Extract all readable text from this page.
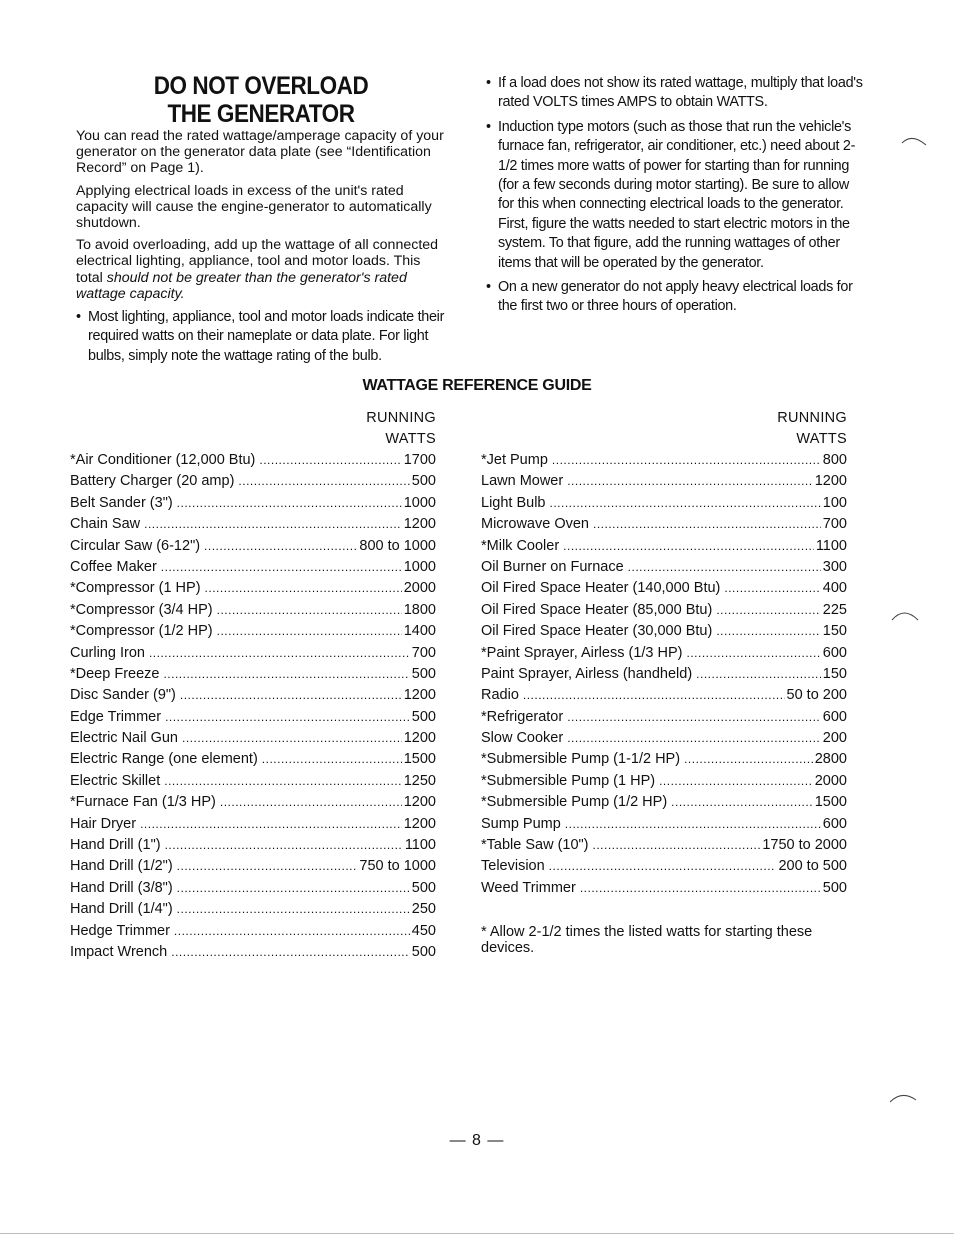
DO NOT OVERLOAD
THE GENERATOR

You can read the rated wattage/amperage capacity of your generator on the generator data plate (see “Identification Record” on Page 1).

Applying electrical loads in excess of the unit's rated capacity will cause the engine-generator to automatically shutdown.

To avoid overloading, add up the wattage of all connected electrical lighting, appliance, tool and motor loads. This total should not be greater than the generator's rated wattage capacity.

• Most lighting, appliance, tool and motor loads indicate their required watts on their nameplate or data plate. For light bulbs, simply note the wattage rating of the bulb.
• If a load does not show its rated wattage, multiply that load's rated VOLTS times AMPS to obtain WATTS.
• Induction type motors (such as those that run the vehicle's furnace fan, refrigerator, air conditioner, etc.) need about 2-1/2 times more watts of power for starting than for running (for a few seconds during motor starting). Be sure to allow for this when connecting electrical loads to the generator. First, figure the watts needed to start electric motors in the system. To that figure, add the running wattages of other items that will be operated by the generator.
• On a new generator do not apply heavy electrical loads for the first two or three hours of operation.
WATTAGE REFERENCE GUIDE
RUNNING
WATTS
*Air Conditioner (12,000 Btu) .....	1700
Battery Charger (20 amp) .....	500
Belt Sander (3") .....	1000
Chain Saw .....	1200
Circular Saw (6-12") .....	800 to 1000
Coffee Maker .....	1000
*Compressor (1 HP) .....	2000
*Compressor (3/4 HP) .....	1800
*Compressor (1/2 HP) .....	1400
Curling Iron .....	700
*Deep Freeze .....	500
Disc Sander (9") .....	1200
Edge Trimmer .....	500
Electric Nail Gun .....	1200
Electric Range (one element) .....	1500
Electric Skillet .....	1250
*Furnace Fan (1/3 HP) .....	1200
Hair Dryer .....	1200
Hand Drill (1") .....	1100
Hand Drill (1/2") .....	750 to 1000
Hand Drill (3/8") .....	500
Hand Drill (1/4") .....	250
Hedge Trimmer .....	450
Impact Wrench .....	500
RUNNING
WATTS
*Jet Pump .....	800
Lawn Mower .....	1200
Light Bulb .....	100
Microwave Oven .....	700
*Milk Cooler .....	1100
Oil Burner on Furnace .....	300
Oil Fired Space Heater (140,000 Btu) .....	400
Oil Fired Space Heater (85,000 Btu) .....	225
Oil Fired Space Heater (30,000 Btu) .....	150
*Paint Sprayer, Airless (1/3 HP) .....	600
Paint Sprayer, Airless (handheld) .....	150
Radio .....	50 to 200
*Refrigerator .....	600
Slow Cooker .....	200
*Submersible Pump (1-1/2 HP) .....	2800
*Submersible Pump (1 HP) .....	2000
*Submersible Pump (1/2 HP) .....	1500
Sump Pump .....	600
*Table Saw (10") .....	1750 to 2000
Television .....	200 to 500
Weed Trimmer .....	500
* Allow 2-1/2 times the listed watts for starting these devices.
— 8 —
